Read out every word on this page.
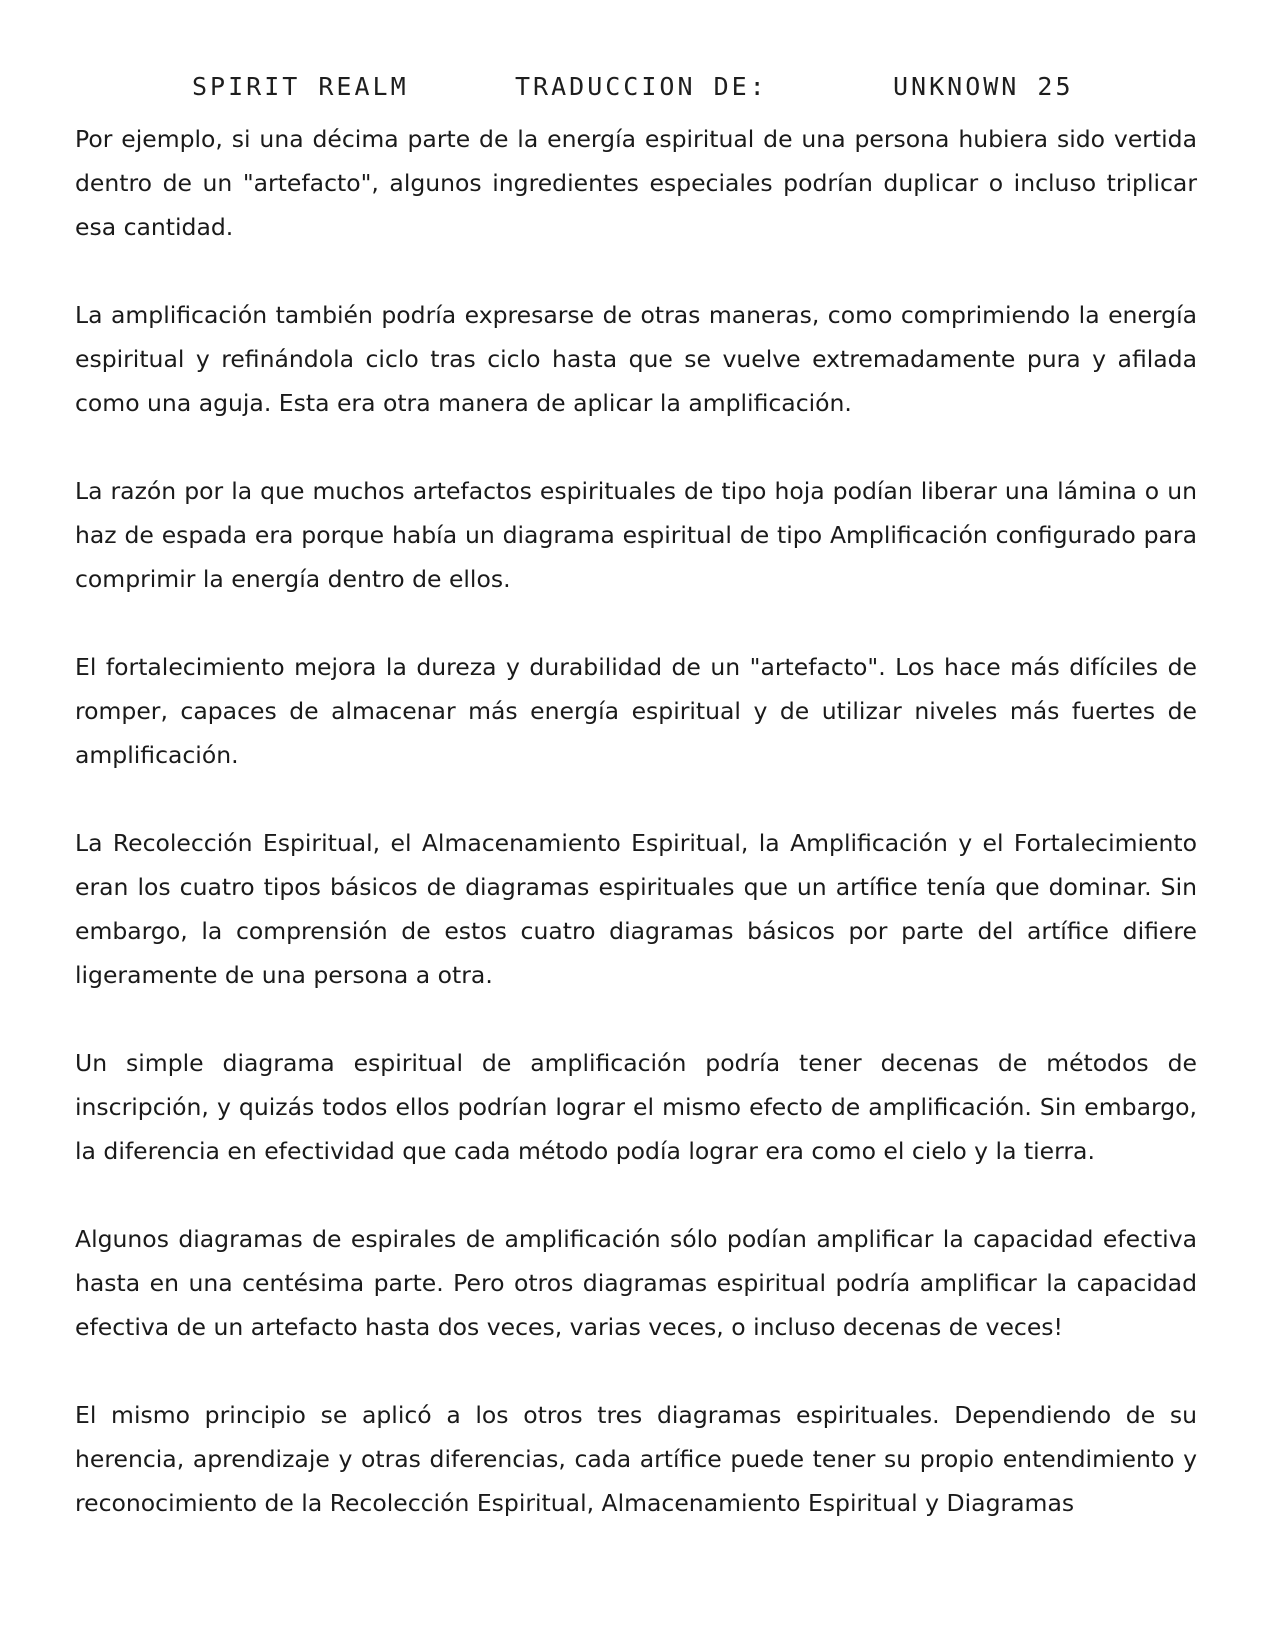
SPIRIT REALM	TRADUCCION DE:	UNKNOWN 25

Por ejemplo, si una décima parte de la energía espiritual de una persona hubiera sido vertida dentro de un "artefacto", algunos ingredientes especiales podrían duplicar o incluso triplicar esa cantidad.

La amplificación también podría expresarse de otras maneras, como comprimiendo la energía espiritual y refinándola ciclo tras ciclo hasta que se vuelve extremadamente pura y afilada como una aguja. Esta era otra manera de aplicar la amplificación.

La razón por la que muchos artefactos espirituales de tipo hoja podían liberar una lámina o un haz de espada era porque había un diagrama espiritual de tipo Amplificación configurado para comprimir la energía dentro de ellos.

El fortalecimiento mejora la dureza y durabilidad de un "artefacto". Los hace más difíciles de romper, capaces de almacenar más energía espiritual y de utilizar niveles más fuertes de amplificación.

La Recolección Espiritual, el Almacenamiento Espiritual, la Amplificación y el Fortalecimiento eran los cuatro tipos básicos de diagramas espirituales que un artífice tenía que dominar. Sin embargo, la comprensión de estos cuatro diagramas básicos por parte del artífice difiere ligeramente de una persona a otra.

Un simple diagrama espiritual de amplificación podría tener decenas de métodos de inscripción, y quizás todos ellos podrían lograr el mismo efecto de amplificación. Sin embargo, la diferencia en efectividad que cada método podía lograr era como el cielo y la tierra.

Algunos diagramas de espirales de amplificación sólo podían amplificar la capacidad efectiva hasta en una centésima parte. Pero otros diagramas espiritual podría amplificar la capacidad efectiva de un artefacto hasta dos veces, varias veces, o incluso decenas de veces!

El mismo principio se aplicó a los otros tres diagramas espirituales. Dependiendo de su herencia, aprendizaje y otras diferencias, cada artífice puede tener su propio entendimiento y reconocimiento de la Recolección Espiritual, Almacenamiento Espiritual y Diagramas
